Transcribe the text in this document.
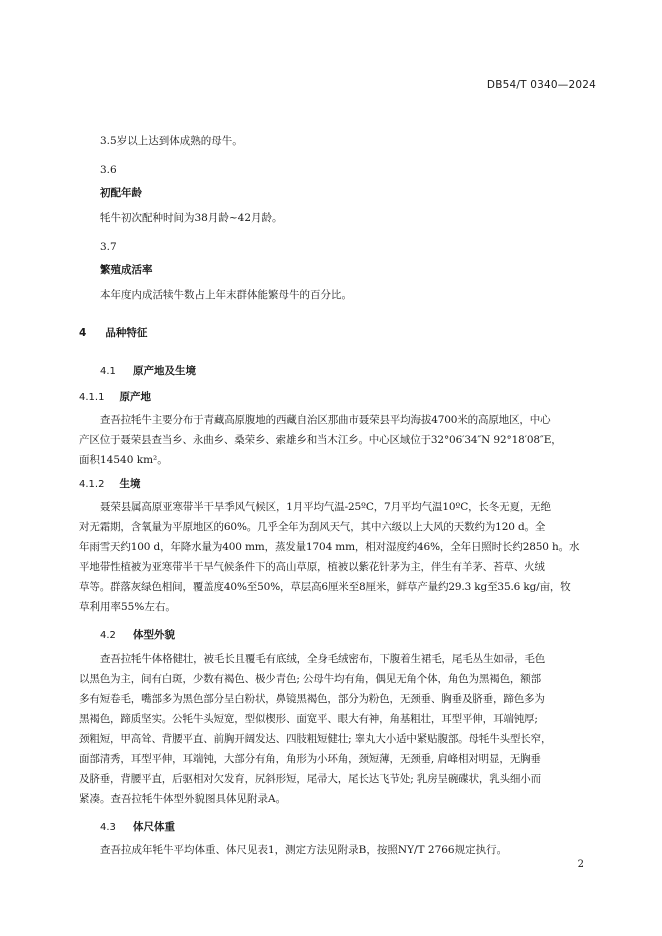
DB54/T 0340—2024
3.5岁以上达到体成熟的母牛。
3.6
初配年龄
牦牛初次配种时间为38月龄~42月龄。
3.7
繁殖成活率
本年度内成活犊牛数占上年末群体能繁母牛的百分比。
4 品种特征
4.1 原产地及生境
4.1.1 原产地
查吾拉牦牛主要分布于青藏高原腹地的西藏自治区那曲市聂荣县平均海拔4700米的高原地区，中心
产区位于聂荣县查当乡、永曲乡、桑荣乡、索雄乡和当木江乡。中心区域位于32°06′34″N 92°18′08″E，
面积14540 km²。
4.1.2 生境
聂荣县属高原亚寒带半干旱季风气候区，1月平均气温-25ºC，7月平均气温10ºC，长冬无夏，无绝
对无霜期，含氧量为平原地区的60%。几乎全年为刮风天气，其中六级以上大风的天数约为120 d。全
年雨雪天约100 d，年降水量为400 mm，蒸发量1704 mm，相对湿度约46%，全年日照时长约2850 h。水
平地带性植被为亚寒带半干旱气候条件下的高山草原，植被以紫花针茅为主，伴生有羊茅、苔草、火绒
草等。群落灰绿色相间，覆盖度40%至50%，草层高6厘米至8厘米，鲜草产量约29.3 kg至35.6 kg/亩，牧
草利用率55%左右。
4.2 体型外貌
查吾拉牦牛体格健壮，被毛长且覆毛有底绒，全身毛绒密布，下腹着生裙毛，尾毛丛生如帚，毛色
以黑色为主，间有白斑，少数有褐色、极少青色; 公母牛均有角，偶见无角个体，角色为黑褐色，额部
多有短卷毛，嘴部多为黑色部分呈白粉状，鼻镜黑褐色，部分为粉色，无颈垂、胸垂及脐垂，蹄色多为
黑褐色，蹄质坚实。公牦牛头短宽，型似楔形、面宽平、眼大有神，角基粗壮，耳型平伸，耳端钝厚;
颈粗短，甲高耸、背腰平直、前胸开阔发达、四肢粗短健壮; 睾丸大小适中紧贴腹部。母牦牛头型长窄，
面部清秀，耳型平伸，耳端钝，大部分有角，角形为小环角，颈短薄，无颈垂, 肩峰相对明显，无胸垂
及脐垂，背腰平直，后驱相对欠发育，尻斜形短，尾帚大，尾长达飞节处; 乳房呈碗碟状，乳头细小而
紧凑。查吾拉牦牛体型外貌图具体见附录A。
4.3 体尺体重
查吾拉成年牦牛平均体重、体尺见表1，测定方法见附录B，按照NY/T 2766规定执行。
2
